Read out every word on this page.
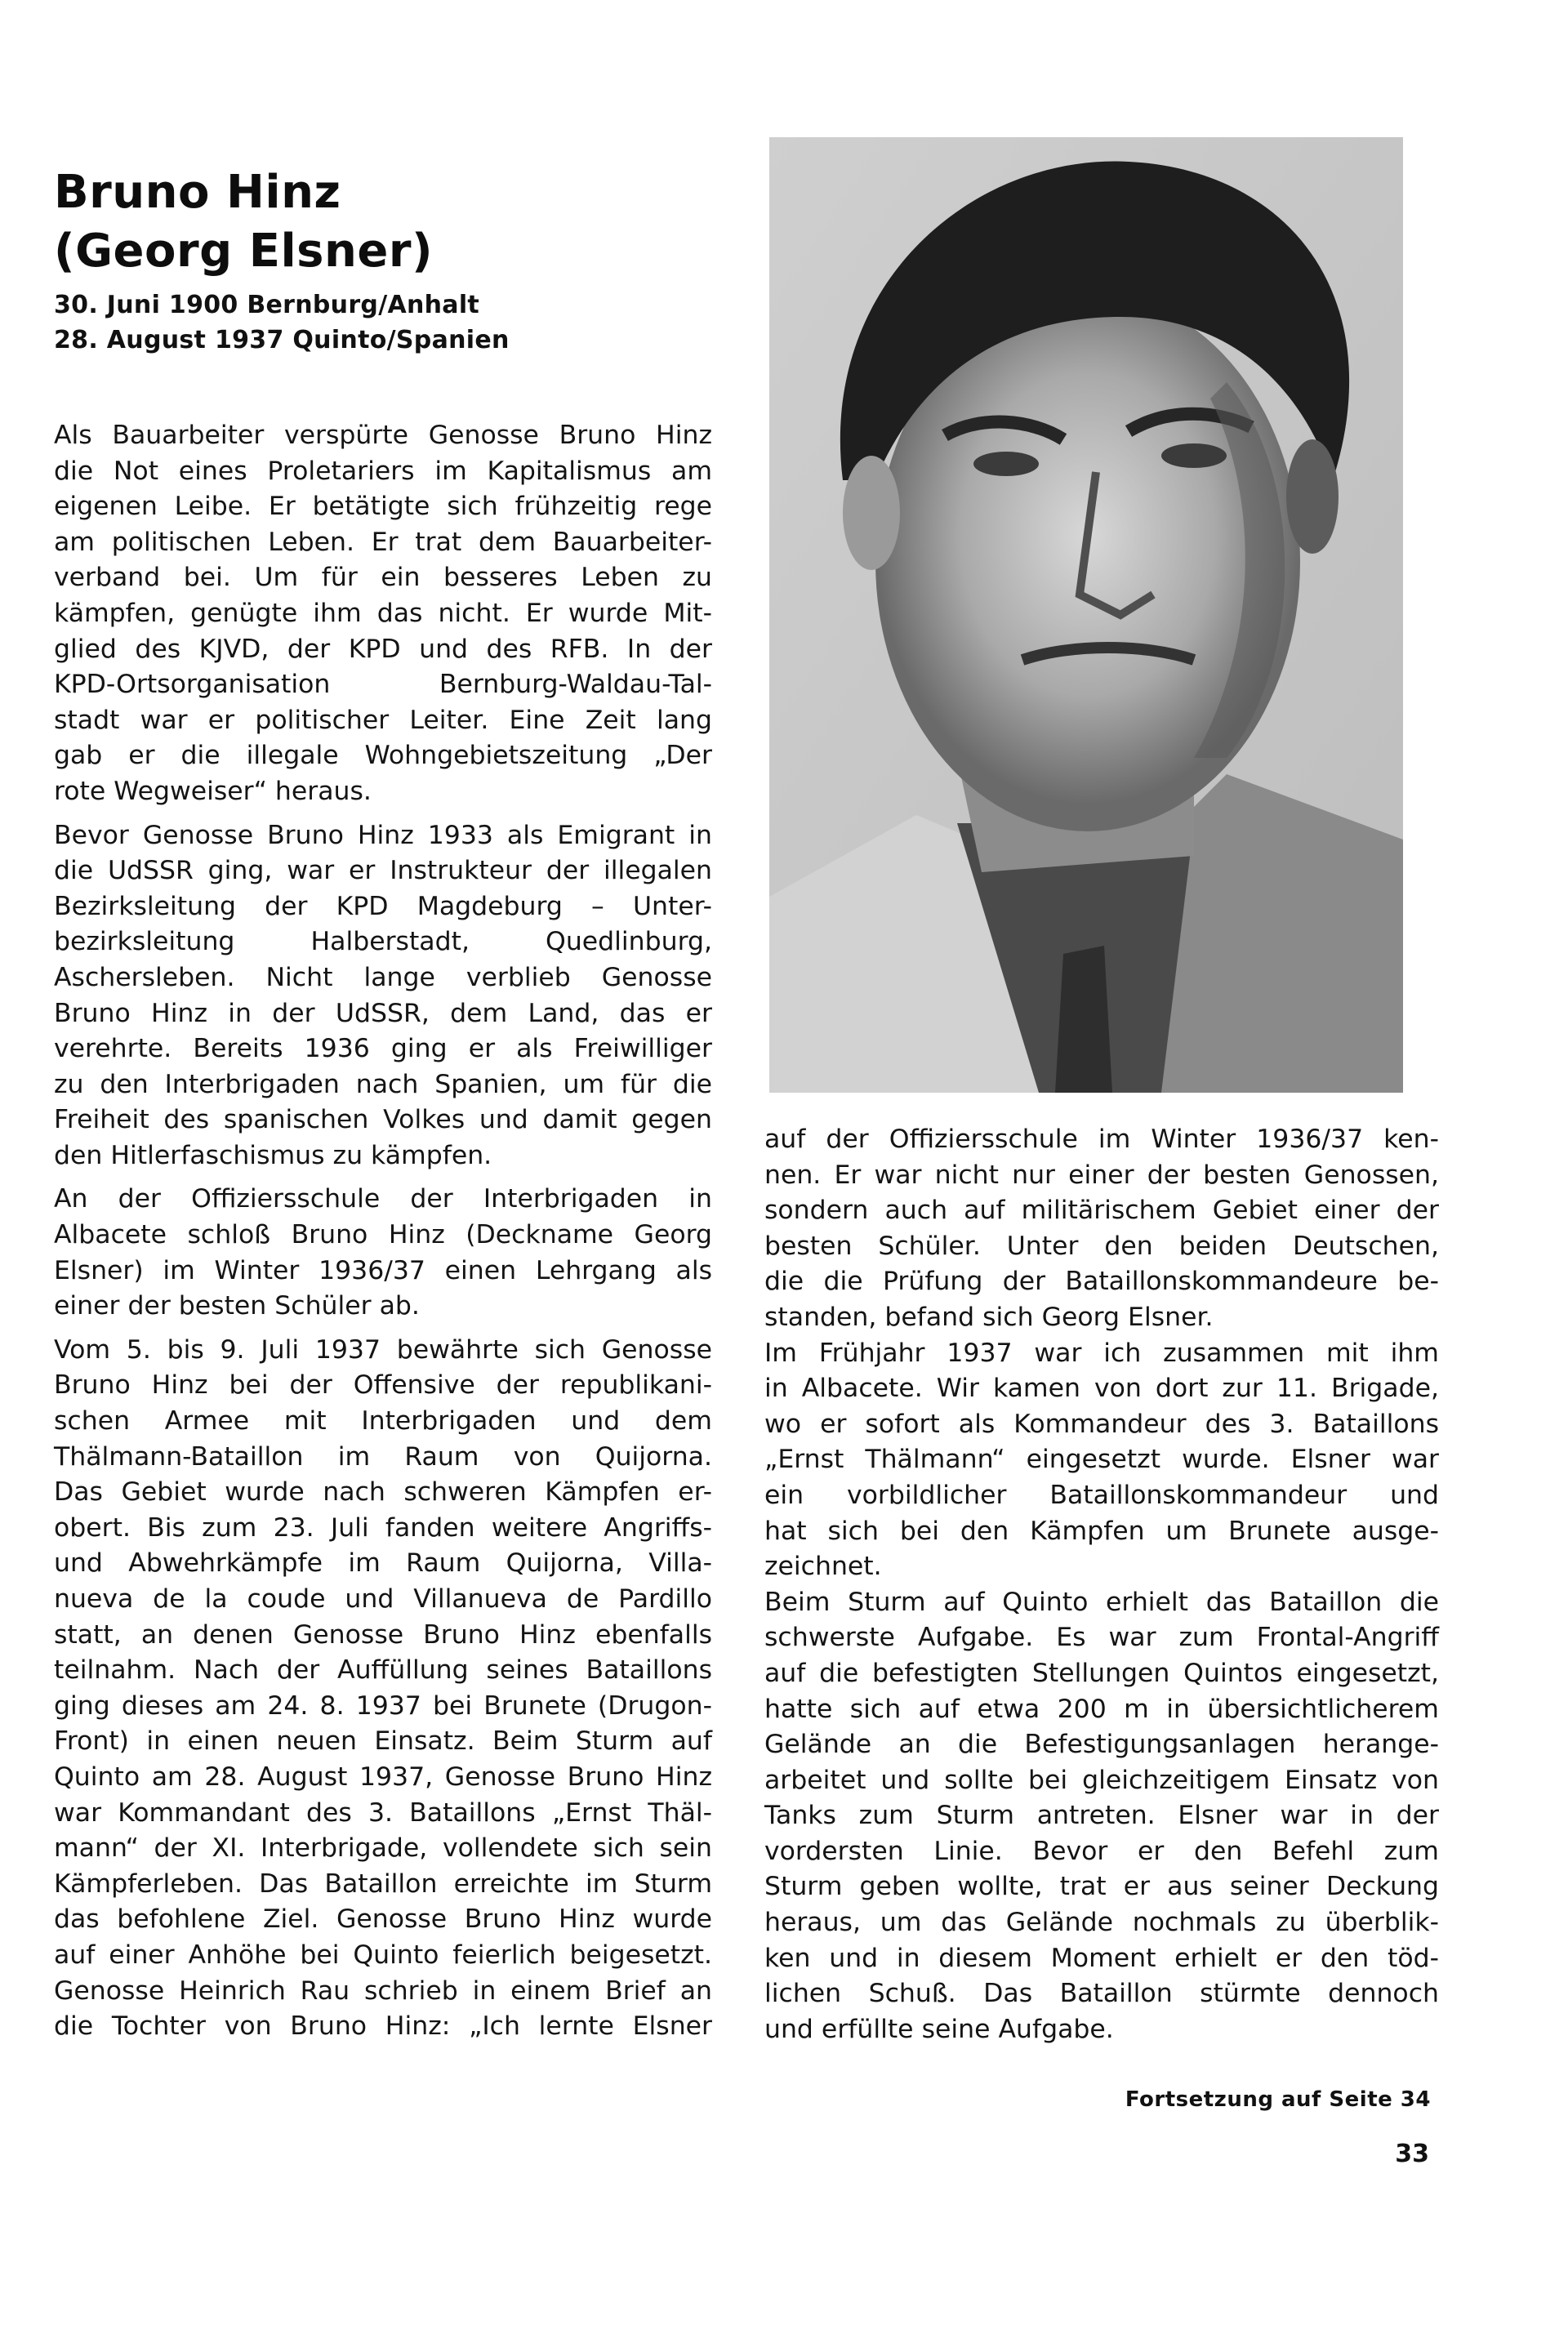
Bruno Hinz
(Georg Elsner)
30. Juni 1900 Bernburg/Anhalt
28. August 1937 Quinto/Spanien

Als Bauarbeiter verspürte Genosse Bruno Hinz
die Not eines Proletariers im Kapitalismus am
eigenen Leibe. Er betätigte sich frühzeitig rege
am politischen Leben. Er trat dem Bauarbeiter-
verband bei. Um für ein besseres Leben zu
kämpfen, genügte ihm das nicht. Er wurde Mit-
glied des KJVD, der KPD und des RFB. In der
KPD-Ortsorganisation Bernburg-Waldau-Tal-
stadt war er politischer Leiter. Eine Zeit lang
gab er die illegale Wohngebietszeitung „Der
rote Wegweiser“ heraus.

Bevor Genosse Bruno Hinz 1933 als Emigrant in
die UdSSR ging, war er Instrukteur der illegalen
Bezirksleitung der KPD Magdeburg – Unter-
bezirksleitung Halberstadt, Quedlinburg,
Aschersleben. Nicht lange verblieb Genosse
Bruno Hinz in der UdSSR, dem Land, das er
verehrte. Bereits 1936 ging er als Freiwilliger
zu den Interbrigaden nach Spanien, um für die
Freiheit des spanischen Volkes und damit gegen
den Hitlerfaschismus zu kämpfen.

An der Offiziersschule der Interbrigaden in
Albacete schloß Bruno Hinz (Deckname Georg
Elsner) im Winter 1936/37 einen Lehrgang als
einer der besten Schüler ab.

Vom 5. bis 9. Juli 1937 bewährte sich Genosse
Bruno Hinz bei der Offensive der republikani-
schen Armee mit Interbrigaden und dem
Thälmann-Bataillon im Raum von Quijorna.
Das Gebiet wurde nach schweren Kämpfen er-
obert. Bis zum 23. Juli fanden weitere Angriffs-
und Abwehrkämpfe im Raum Quijorna, Villa-
nueva de la coude und Villanueva de Pardillo
statt, an denen Genosse Bruno Hinz ebenfalls
teilnahm. Nach der Auffüllung seines Bataillons
ging dieses am 24. 8. 1937 bei Brunete (Drugon-
Front) in einen neuen Einsatz. Beim Sturm auf
Quinto am 28. August 1937, Genosse Bruno Hinz
war Kommandant des 3. Bataillons „Ernst Thäl-
mann“ der XI. Interbrigade, vollendete sich sein
Kämpferleben. Das Bataillon erreichte im Sturm
das befohlene Ziel. Genosse Bruno Hinz wurde
auf einer Anhöhe bei Quinto feierlich beigesetzt.
Genosse Heinrich Rau schrieb in einem Brief an
die Tochter von Bruno Hinz: „Ich lernte Elsner

auf der Offiziersschule im Winter 1936/37 ken-
nen. Er war nicht nur einer der besten Genossen,
sondern auch auf militärischem Gebiet einer der
besten Schüler. Unter den beiden Deutschen,
die die Prüfung der Bataillonskommandeure be-
standen, befand sich Georg Elsner.

Im Frühjahr 1937 war ich zusammen mit ihm
in Albacete. Wir kamen von dort zur 11. Brigade,
wo er sofort als Kommandeur des 3. Bataillons
„Ernst Thälmann“ eingesetzt wurde. Elsner war
ein vorbildlicher Bataillonskommandeur und
hat sich bei den Kämpfen um Brunete ausge-
zeichnet.

Beim Sturm auf Quinto erhielt das Bataillon die
schwerste Aufgabe. Es war zum Frontal-Angriff
auf die befestigten Stellungen Quintos eingesetzt,
hatte sich auf etwa 200 m in übersichtlicherem
Gelände an die Befestigungsanlagen herange-
arbeitet und sollte bei gleichzeitigem Einsatz von
Tanks zum Sturm antreten. Elsner war in der
vordersten Linie. Bevor er den Befehl zum
Sturm geben wollte, trat er aus seiner Deckung
heraus, um das Gelände nochmals zu überblik-
ken und in diesem Moment erhielt er den töd-
lichen Schuß. Das Bataillon stürmte dennoch
und erfüllte seine Aufgabe.

Fortsetzung auf Seite 34
33
